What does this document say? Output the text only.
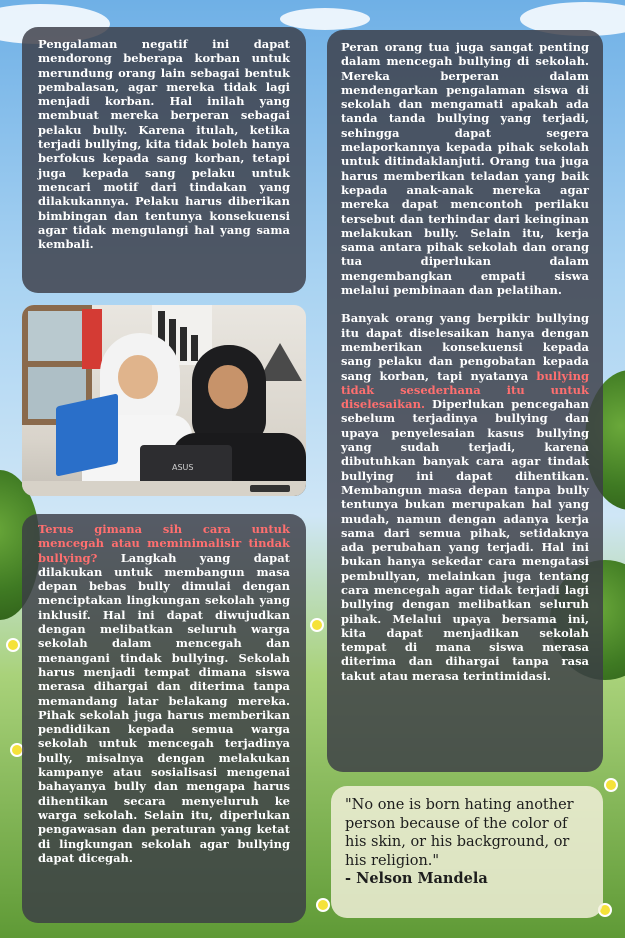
Pengalaman negatif ini dapat mendorong beberapa korban untuk merundung orang lain sebagai bentuk pembalasan, agar mereka tidak lagi menjadi korban. Hal inilah yang membuat mereka berperan sebagai pelaku bully. Karena itulah, ketika terjadi bullying, kita tidak boleh hanya berfokus kepada sang korban, tetapi juga kepada sang pelaku untuk mencari motif dari tindakan yang dilakukannya. Pelaku harus diberikan bimbingan dan tentunya konsekuensi agar tidak mengulangi hal yang sama kembali.

ASUS

Peran orang tua juga sangat penting dalam mencegah bullying di sekolah. Mereka berperan dalam mendengarkan pengalaman siswa di sekolah dan mengamati apakah ada tanda tanda bullying yang terjadi, sehingga dapat segera melaporkannya kepada pihak sekolah untuk ditindaklanjuti. Orang tua juga harus memberikan teladan yang baik kepada anak-anak mereka agar mereka dapat mencontoh perilaku tersebut dan terhindar dari keinginan melakukan bully. Selain itu, kerja sama antara pihak sekolah dan orang tua diperlukan dalam mengembangkan empati siswa melalui pembinaan dan pelatihan.

Banyak orang yang berpikir bullying itu dapat diselesaikan hanya dengan memberikan konsekuensi kepada sang pelaku dan pengobatan kepada sang korban, tapi nyatanya bullying tidak sesederhana itu untuk diselesaikan. Diperlukan pencegahan sebelum terjadinya bullying dan upaya penyelesaian kasus bullying yang sudah terjadi, karena dibutuhkan banyak cara agar tindak bullying ini dapat dihentikan. Membangun masa depan tanpa bully tentunya bukan merupakan hal yang mudah, namun dengan adanya kerja sama dari semua pihak, setidaknya ada perubahan yang terjadi. Hal ini bukan hanya sekedar cara mengatasi pembullyan, melainkan juga tentang cara mencegah agar tidak terjadi lagi bullying dengan melibatkan seluruh pihak. Melalui upaya bersama ini, kita dapat menjadikan sekolah tempat di mana siswa merasa diterima dan dihargai tanpa rasa takut atau merasa terintimidasi.

Terus gimana sih cara untuk mencegah atau meminimalisir tindak bullying? Langkah yang dapat dilakukan untuk membangun masa depan bebas bully dimulai dengan menciptakan lingkungan sekolah yang inklusif. Hal ini dapat diwujudkan dengan melibatkan seluruh warga sekolah dalam mencegah dan menangani tindak bullying. Sekolah harus menjadi tempat dimana siswa merasa dihargai dan diterima tanpa memandang latar belakang mereka. Pihak sekolah juga harus memberikan pendidikan kepada semua warga sekolah untuk mencegah terjadinya bully, misalnya dengan melakukan kampanye atau sosialisasi mengenai bahayanya bully dan mengapa harus dihentikan secara menyeluruh ke warga sekolah. Selain itu, diperlukan pengawasan dan peraturan yang ketat di lingkungan sekolah agar bullying dapat dicegah.

"No one is born hating another person because of the color of his skin, or his background, or his religion."
- Nelson Mandela
